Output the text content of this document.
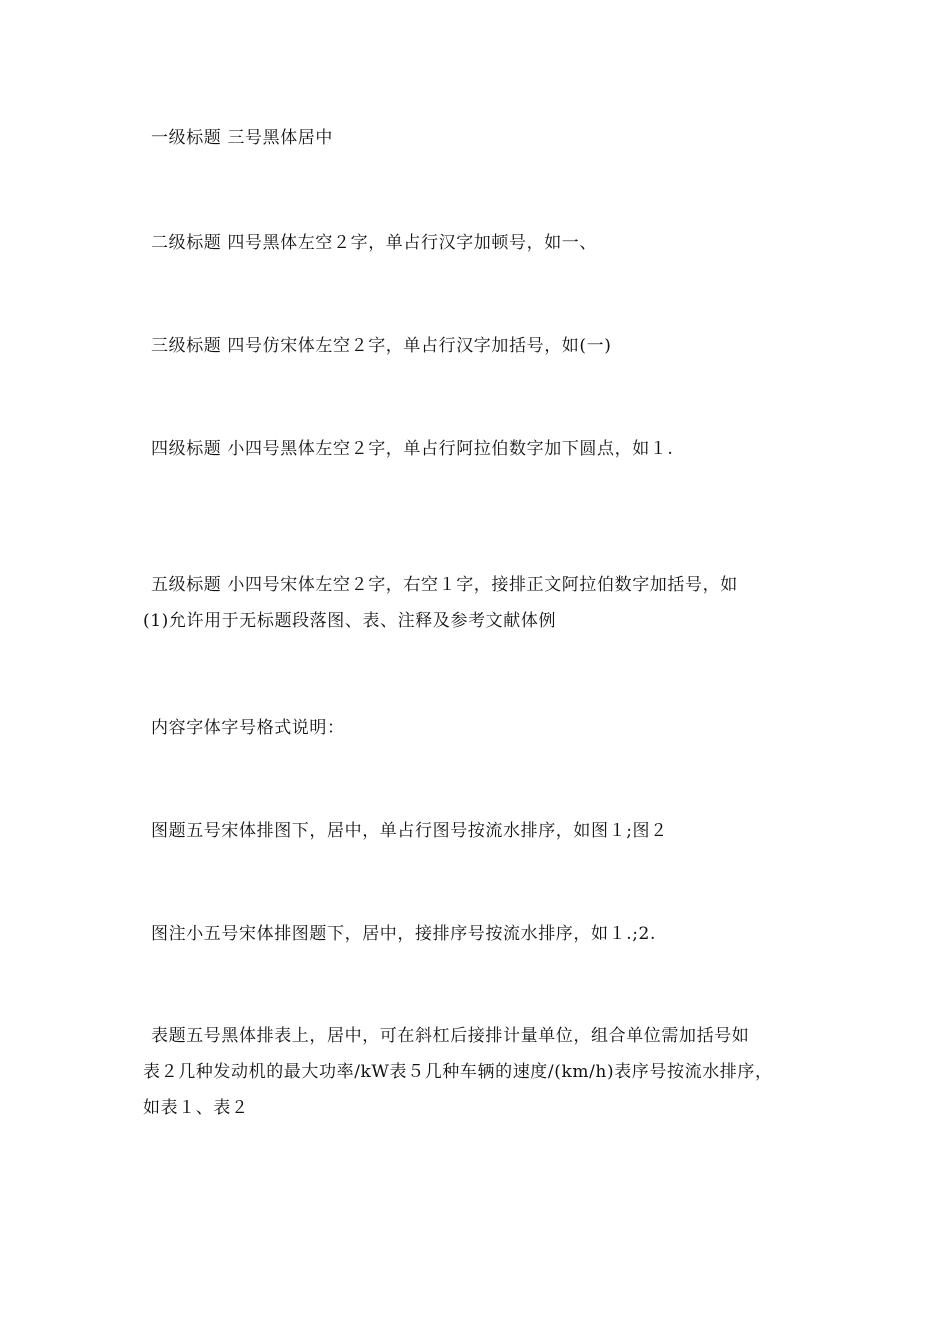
一级标题 三号黑体居中
二级标题 四号黑体左空２字，单占行汉字加顿号，如一、
三级标题 四号仿宋体左空２字，单占行汉字加括号，如(一)
四级标题 小四号黑体左空２字，单占行阿拉伯数字加下圆点，如１.
五级标题 小四号宋体左空２字，右空１字，接排正文阿拉伯数字加括号，如
(1)允许用于无标题段落图、表、注释及参考文献体例
内容字体字号格式说明：
图题五号宋体排图下，居中，单占行图号按流水排序，如图１;图２
图注小五号宋体排图题下，居中，接排序号按流水排序，如１.;2.
表题五号黑体排表上，居中，可在斜杠后接排计量单位，组合单位需加括号如
表２几种发动机的最大功率/kW表５几种车辆的速度/(km/h)表序号按流水排序，
如表１、表２
